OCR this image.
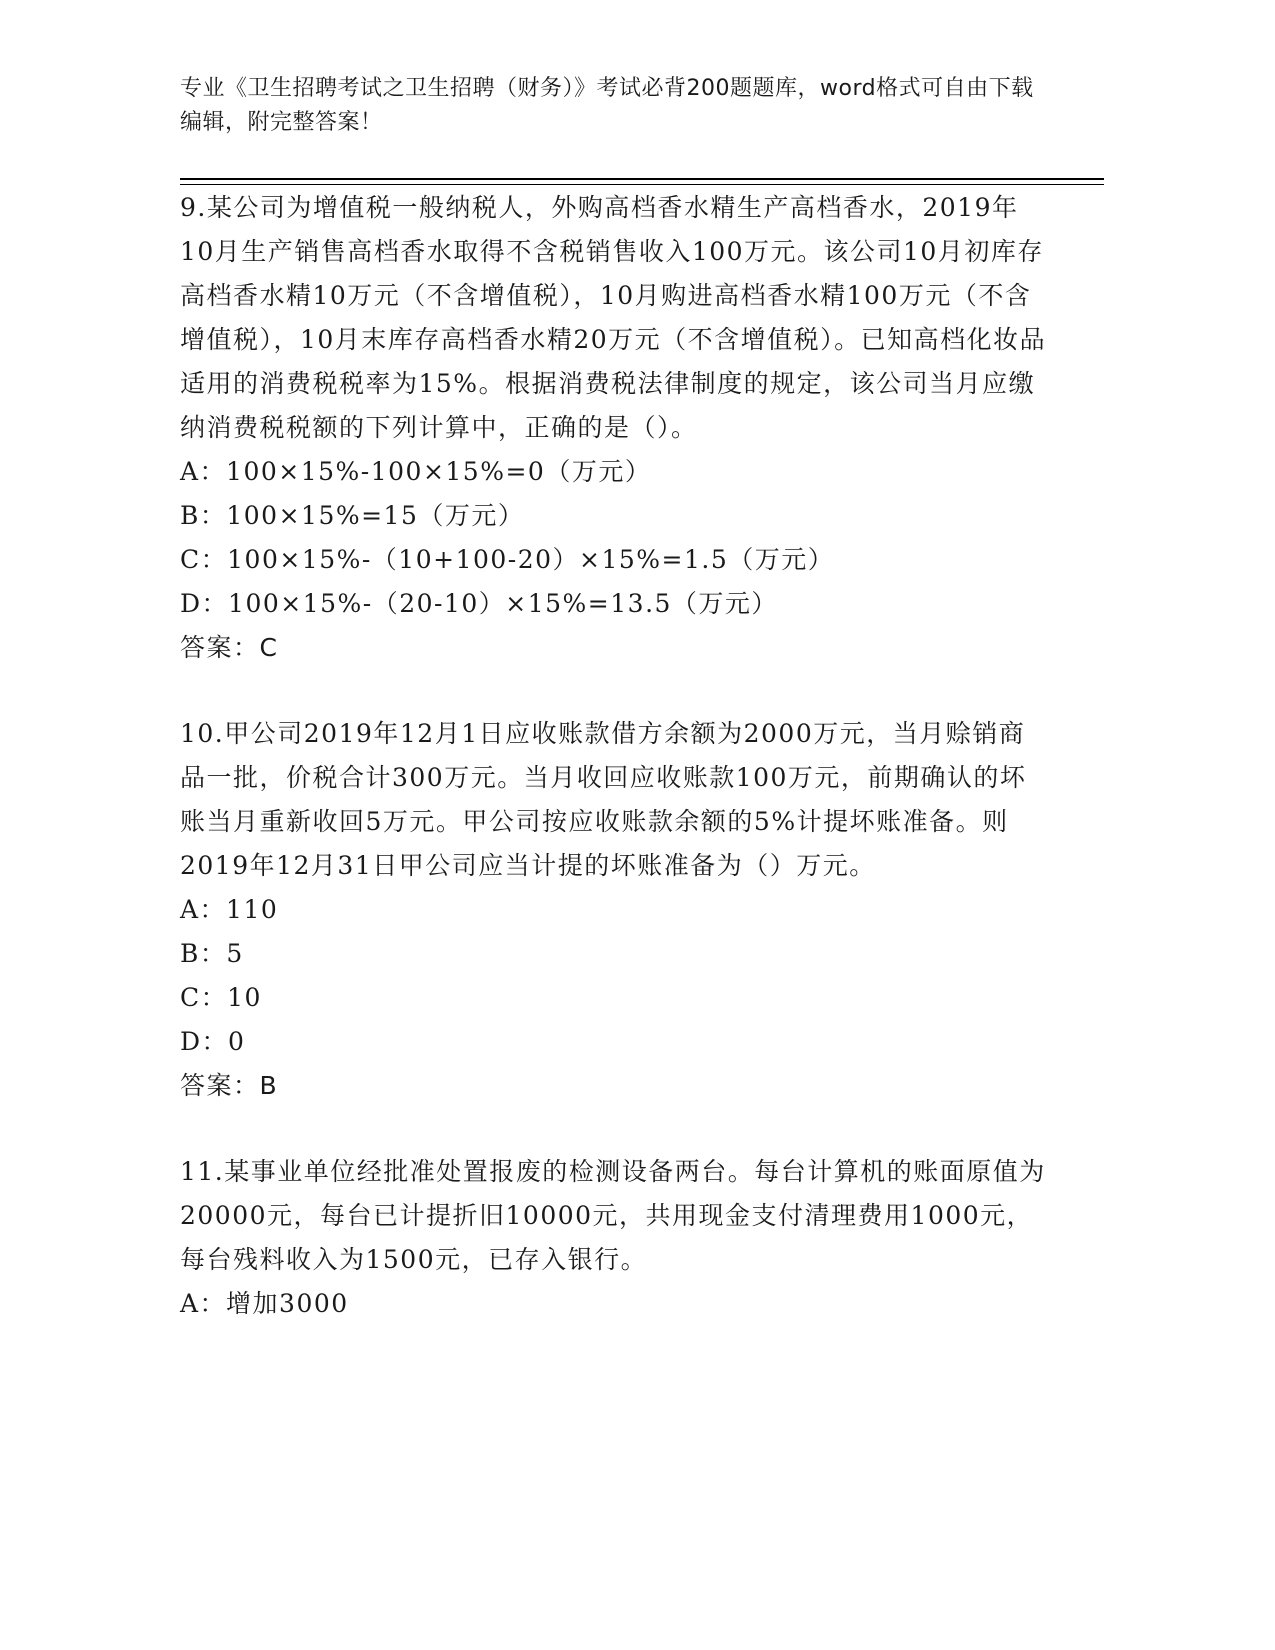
专业《卫生招聘考试之卫生招聘（财务）》考试必背200题题库，word格式可自由下载编辑，附完整答案！

9.某公司为增值税一般纳税人，外购高档香水精生产高档香水，2019年10月生产销售高档香水取得不含税销售收入100万元。该公司10月初库存高档香水精10万元（不含增值税），10月购进高档香水精100万元（不含增值税），10月末库存高档香水精20万元（不含增值税）。已知高档化妆品适用的消费税税率为15%。根据消费税法律制度的规定，该公司当月应缴纳消费税税额的下列计算中，正确的是（）。

A：100×15%-100×15%=0（万元）

B：100×15%=15（万元）

C：100×15%-（10+100-20）×15%=1.5（万元）

D：100×15%-（20-10）×15%=13.5（万元）

答案：C

10.甲公司2019年12月1日应收账款借方余额为2000万元，当月赊销商品一批，价税合计300万元。当月收回应收账款100万元，前期确认的坏账当月重新收回5万元。甲公司按应收账款余额的5%计提坏账准备。则2019年12月31日甲公司应当计提的坏账准备为（）万元。

A：110

B：5

C：10

D：0

答案：B

11.某事业单位经批准处置报废的检测设备两台。每台计算机的账面原值为20000元，每台已计提折旧10000元，共用现金支付清理费用1000元，每台残料收入为1500元，已存入银行。

A：增加3000
